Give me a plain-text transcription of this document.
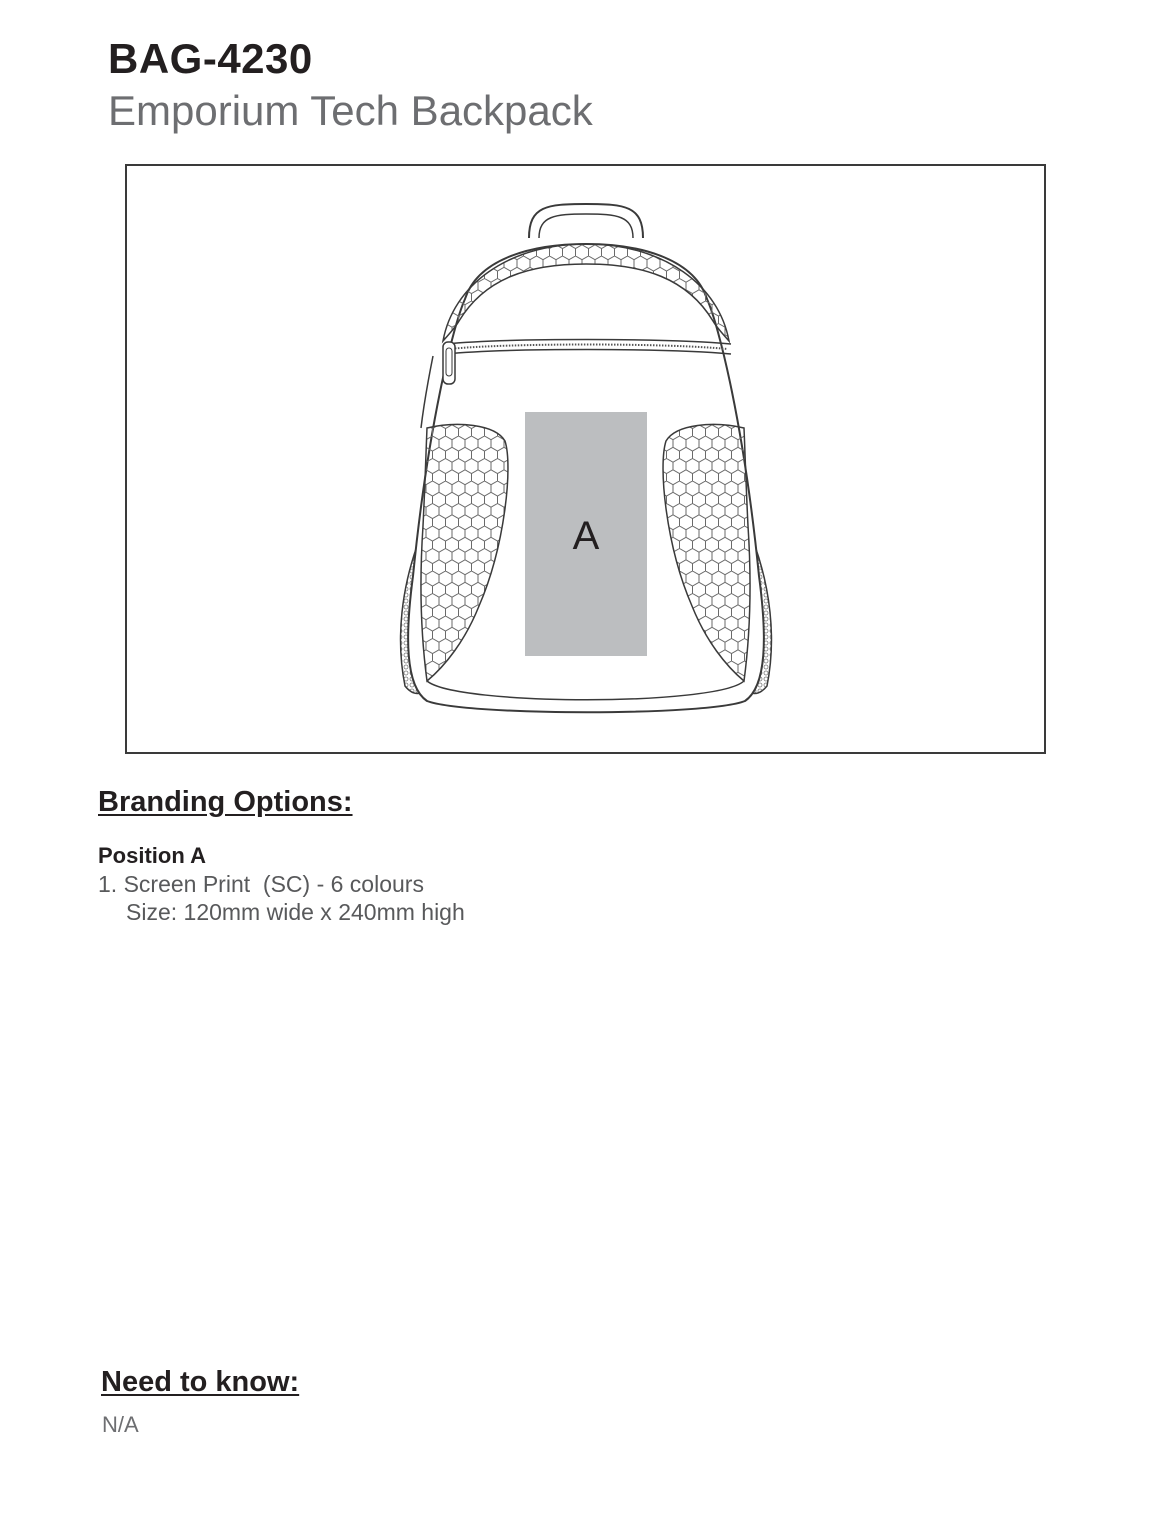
BAG-4230
Emporium Tech Backpack
A
Branding Options:
Position A
1. Screen Print  (SC) - 6 colours
Size: 120mm wide x 240mm high
Need to know:
N/A
